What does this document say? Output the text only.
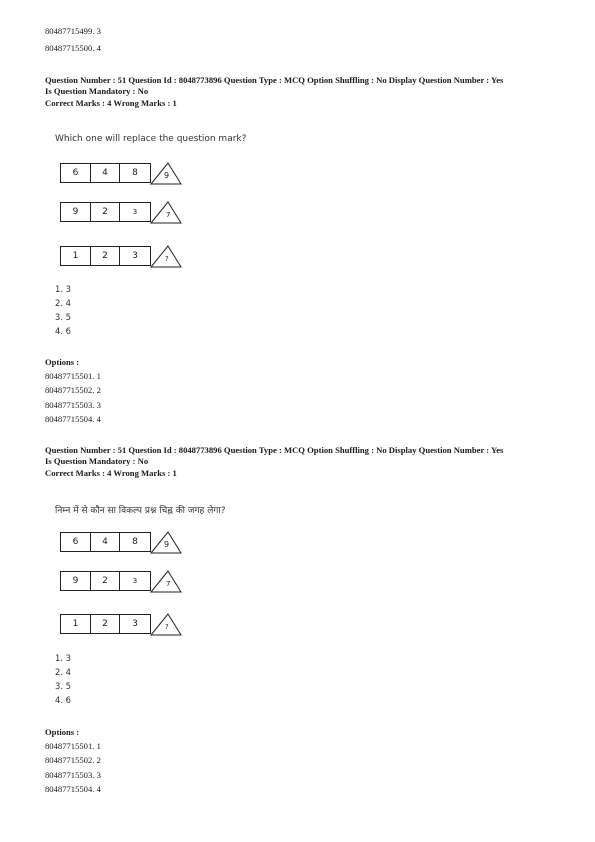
80487715499. 3
80487715500. 4
Question Number : 51 Question Id : 8048773896 Question Type : MCQ Option Shuffling : No Display Question Number : Yes
Is Question Mandatory : No
Correct Marks : 4 Wrong Marks : 1
Which one will replace the question mark?
6	4	8	9
9	2	3	7
1	2	3	?
1. 3
2. 4
3. 5
4. 6
Options :
80487715501. 1
80487715502. 2
80487715503. 3
80487715504. 4
Question Number : 51 Question Id : 8048773896 Question Type : MCQ Option Shuffling : No Display Question Number : Yes
Is Question Mandatory : No
Correct Marks : 4 Wrong Marks : 1
निम्न में से कौन सा विकल्प प्रश्न चिह्न की जगह लेगा?
6	4	8	9
9	2	3	7
1	2	3	?
1. 3
2. 4
3. 5
4. 6
Options :
80487715501. 1
80487715502. 2
80487715503. 3
80487715504. 4
